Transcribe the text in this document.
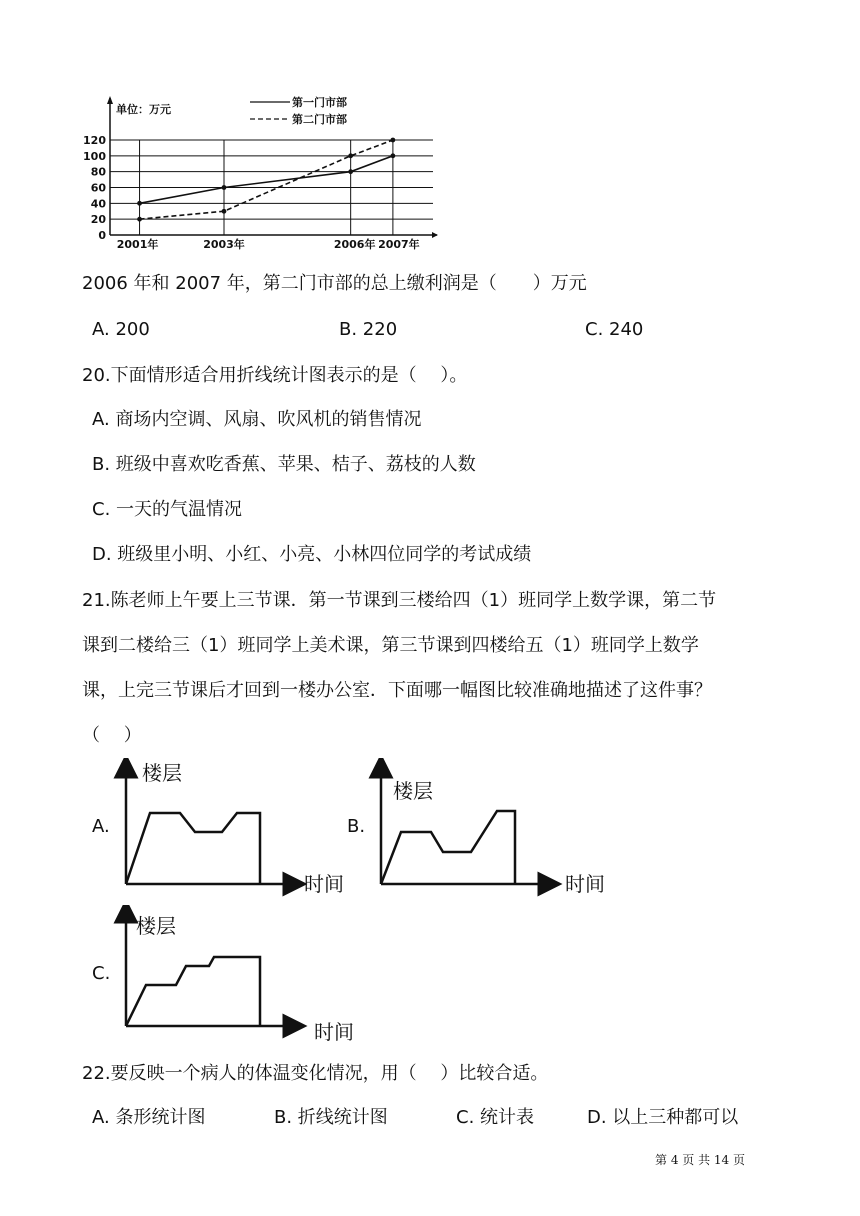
0
20
40
60
80
100
120
2001年	2003年	2006年 2007年
单位：万元
第一门市部
第二门市部
2006 年和 2007 年，第二门市部的总上缴利润是（　　）万元
A. 200	B. 220	C. 240
20.下面情形适合用折线统计图表示的是（　 ）。
A. 商场内空调、风扇、吹风机的销售情况
B. 班级中喜欢吃香蕉、苹果、桔子、荔枝的人数
C. 一天的气温情况
D. 班级里小明、小红、小亮、小林四位同学的考试成绩
21.陈老师上午要上三节课．第一节课到三楼给四（1）班同学上数学课，第二节
课到二楼给三（1）班同学上美术课，第三节课到四楼给五（1）班同学上数学
课，上完三节课后才回到一楼办公室．下面哪一幅图比较准确地描述了这件事？
（　 ）
A.
楼层
时间
B.
楼层
时间
C.
楼层
时间
22.要反映一个病人的体温变化情况，用（　 ）比较合适。
A. 条形统计图	B. 折线统计图	C. 统计表	D. 以上三种都可以
第 4 页 共 14 页
